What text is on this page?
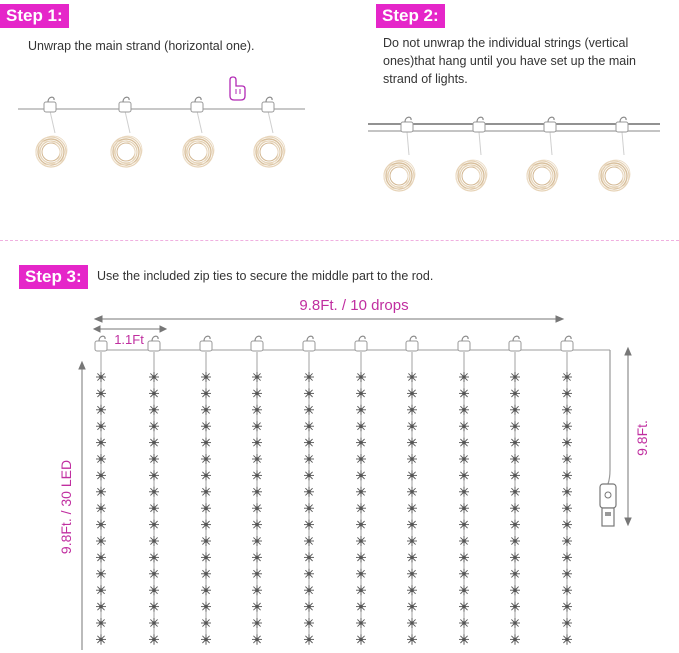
Step 1:
Unwrap the main strand (horizontal one).
Step 2:
Do not unwrap the individual strings (vertical ones)that hang until you have set up the main strand of lights.
Step 3:	Use the included zip ties to secure the middle part to the rod.
9.8Ft. / 10 drops
1.1Ft
9.8Ft. / 30 LED
9.8Ft.
